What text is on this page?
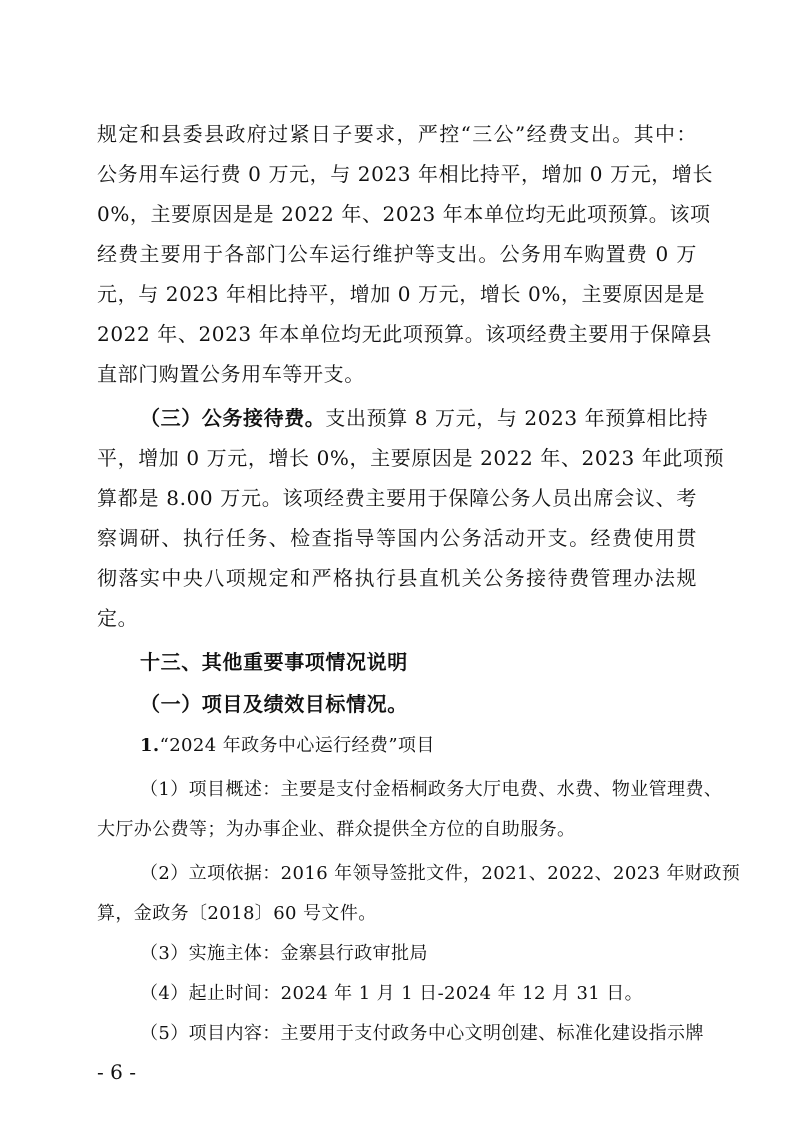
规定和县委县政府过紧日子要求，严控“三公”经费支出。其中：
公务用车运行费 0 万元，与 2023 年相比持平，增加 0 万元，增长
0%，主要原因是是 2022 年、2023 年本单位均无此项预算。该项
经费主要用于各部门公车运行维护等支出。公务用车购置费 0 万
元，与 2023 年相比持平，增加 0 万元，增长 0%，主要原因是是
2022 年、2023 年本单位均无此项预算。该项经费主要用于保障县
直部门购置公务用车等开支。
（三）公务接待费。支出预算 8 万元，与 2023 年预算相比持
平，增加 0 万元，增长 0%，主要原因是 2022 年、2023 年此项预
算都是 8.00 万元。该项经费主要用于保障公务人员出席会议、考
察调研、执行任务、检查指导等国内公务活动开支。经费使用贯
彻落实中央八项规定和严格执行县直机关公务接待费管理办法规
定。
十三、其他重要事项情况说明
（一）项目及绩效目标情况。
1.“2024 年政务中心运行经费”项目
（1）项目概述：主要是支付金梧桐政务大厅电费、水费、物业管理费、
大厅办公费等；为办事企业、群众提供全方位的自助服务。
（2）立项依据：2016 年领导签批文件，2021、2022、2023 年财政预
算，金政务〔2018〕60 号文件。
（3）实施主体：金寨县行政审批局
（4）起止时间：2024 年 1 月 1 日-2024 年 12 月 31 日。
（5）项目内容：主要用于支付政务中心文明创建、标准化建设指示牌
- 6 -
